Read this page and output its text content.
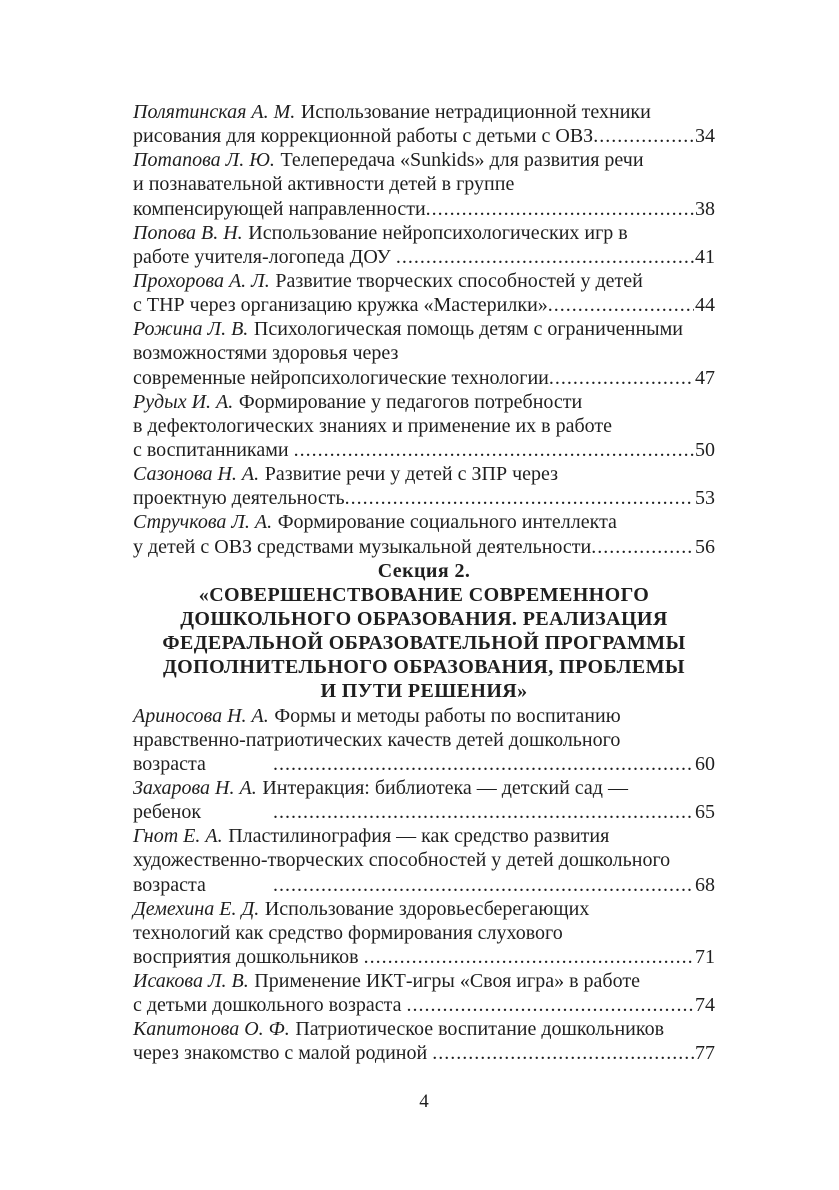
Полятинская А. М. Использование нетрадиционной техники
рисования для коррекционной работы с детьми с ОВЗ .....	34
Потапова Л. Ю. Телепередача «Sunkids» для развития речи
и познавательной активности детей в группе
компенсирующей направленности .....	38
Попова В. Н. Использование нейропсихологических игр в
работе учителя-логопеда ДОУ .....	41
Прохорова А. Л. Развитие творческих способностей у детей
с ТНР через организацию кружка «Мастерилки» .....	44
Рожина Л. В. Психологическая помощь детям с ограниченными
возможностями здоровья через
современные нейропсихологические технологии .....	47
Рудых И. А. Формирование у педагогов потребности
в дефектологических знаниях и применение их в работе
с воспитанниками .....	50
Сазонова Н. А. Развитие речи у детей с ЗПР через
проектную деятельность .....	53
Стручкова Л. А. Формирование социального интеллекта
у детей с ОВЗ средствами музыкальной деятельности .....	56
Секция 2.
«СОВЕРШЕНСТВОВАНИЕ СОВРЕМЕННОГО
ДОШКОЛЬНОГО ОБРАЗОВАНИЯ. РЕАЛИЗАЦИЯ
ФЕДЕРАЛЬНОЙ ОБРАЗОВАТЕЛЬНОЙ ПРОГРАММЫ
ДОПОЛНИТЕЛЬНОГО ОБРАЗОВАНИЯ, ПРОБЛЕМЫ
И ПУТИ РЕШЕНИЯ»
Ариносова Н. А. Формы и методы работы по воспитанию
нравственно-патриотических качеств детей дошкольного
возраста .....	60
Захарова Н. А. Интеракция: библиотека — детский сад —
ребенок .....	65
Гнот Е. А. Пластилинография — как средство развития
художественно-творческих способностей у детей дошкольного
возраста .....	68
Демехина Е. Д. Использование здоровьесберегающих
технологий как средство формирования слухового
восприятия дошкольников .....	71
Исакова Л. В. Применение ИКТ-игры «Своя игра» в работе
с детьми дошкольного возраста .....	74
Капитонова О. Ф. Патриотическое воспитание дошкольников
через знакомство с малой родиной .....	77
4
